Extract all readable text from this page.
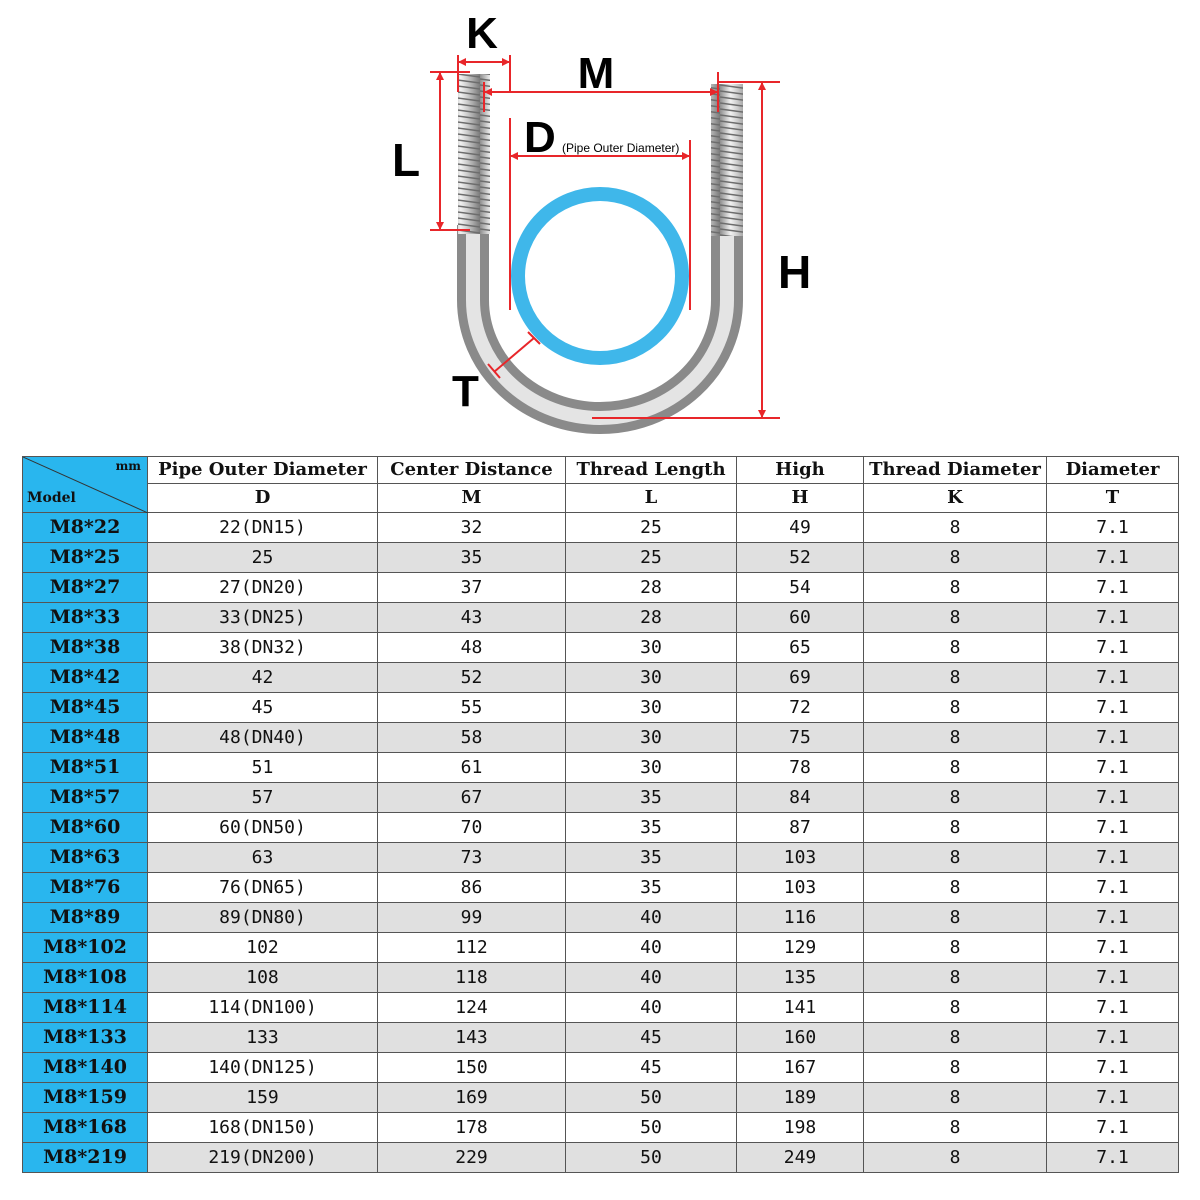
K
M
D
L
H
T
(Pipe Outer Diameter)
mm
Model	Pipe Outer Diameter	Center Distance	Thread Length	High	Thread Diameter	Diameter
	D	M	L	H	K	T
M8*22	22(DN15)	32	25	49	8	7.1
M8*25	25	35	25	52	8	7.1
M8*27	27(DN20)	37	28	54	8	7.1
M8*33	33(DN25)	43	28	60	8	7.1
M8*38	38(DN32)	48	30	65	8	7.1
M8*42	42	52	30	69	8	7.1
M8*45	45	55	30	72	8	7.1
M8*48	48(DN40)	58	30	75	8	7.1
M8*51	51	61	30	78	8	7.1
M8*57	57	67	35	84	8	7.1
M8*60	60(DN50)	70	35	87	8	7.1
M8*63	63	73	35	103	8	7.1
M8*76	76(DN65)	86	35	103	8	7.1
M8*89	89(DN80)	99	40	116	8	7.1
M8*102	102	112	40	129	8	7.1
M8*108	108	118	40	135	8	7.1
M8*114	114(DN100)	124	40	141	8	7.1
M8*133	133	143	45	160	8	7.1
M8*140	140(DN125)	150	45	167	8	7.1
M8*159	159	169	50	189	8	7.1
M8*168	168(DN150)	178	50	198	8	7.1
M8*219	219(DN200)	229	50	249	8	7.1
